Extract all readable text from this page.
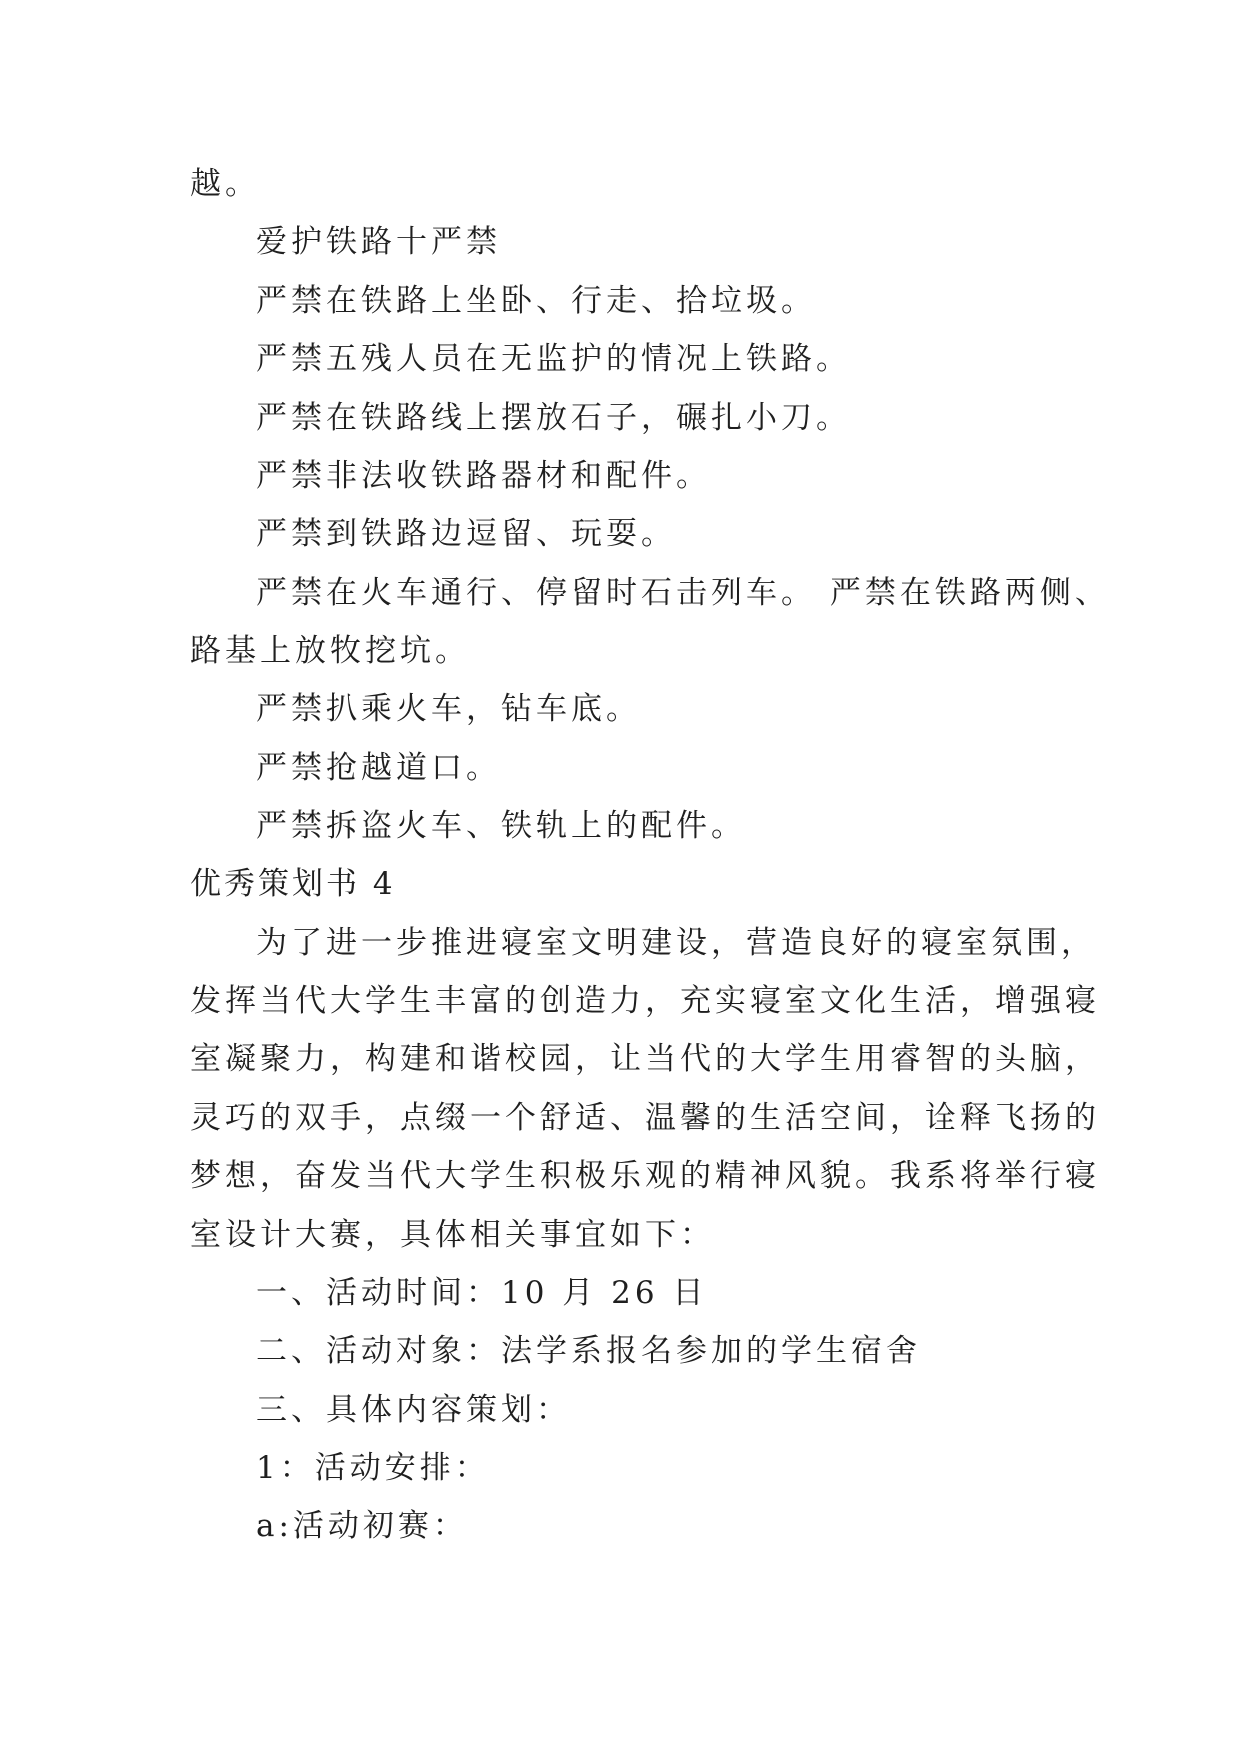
越。
爱护铁路十严禁
严禁在铁路上坐卧、行走、拾垃圾。
严禁五残人员在无监护的情况上铁路。
严禁在铁路线上摆放石子，碾扎小刀。
严禁非法收铁路器材和配件。
严禁到铁路边逗留、玩耍。
严禁在火车通行、停留时石击列车。 严禁在铁路两侧、
路基上放牧挖坑。
严禁扒乘火车，钻车底。
严禁抢越道口。
严禁拆盗火车、铁轨上的配件。
优秀策划书 4
为了进一步推进寝室文明建设，营造良好的寝室氛围，
发挥当代大学生丰富的创造力，充实寝室文化生活，增强寝
室凝聚力，构建和谐校园，让当代的大学生用睿智的头脑，
灵巧的双手，点缀一个舒适、温馨的生活空间，诠释飞扬的
梦想，奋发当代大学生积极乐观的精神风貌。我系将举行寝
室设计大赛，具体相关事宜如下：
一、活动时间：10 月 26 日
二、活动对象：法学系报名参加的学生宿舍
三、具体内容策划：
1：活动安排：
a:活动初赛：
